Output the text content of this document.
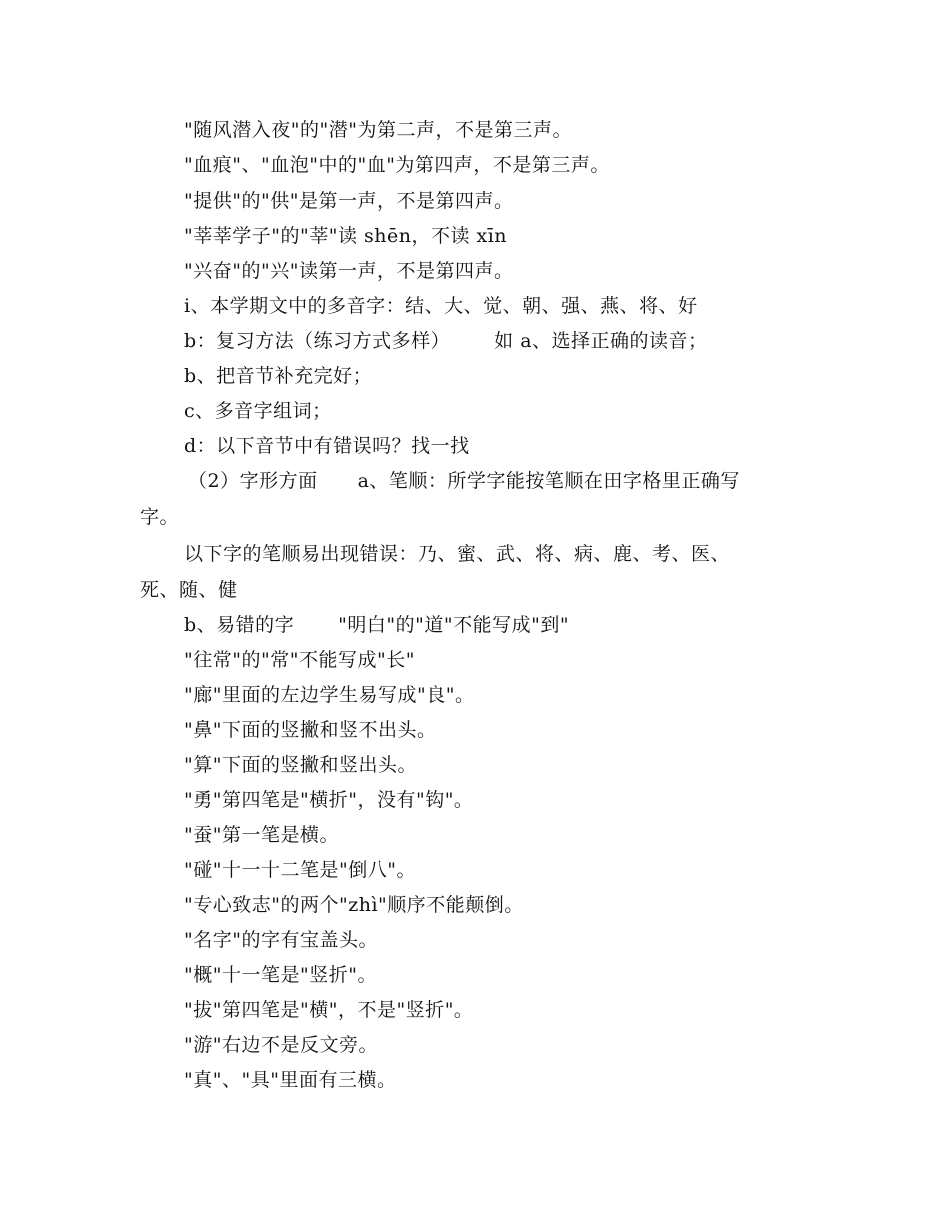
"随风潜入夜"的"潜"为第二声，不是第三声。
"血痕"、"血泡"中的"血"为第四声，不是第三声。
"提供"的"供"是第一声，不是第四声。
"莘莘学子"的"莘"读 shēn，不读 xīn
"兴奋"的"兴"读第一声，不是第四声。
i、本学期文中的多音字：结、大、觉、朝、强、燕、将、好
b：复习方法（练习方式多样） 如 a、选择正确的读音；
b、把音节补充完好；
c、多音字组词；
d：以下音节中有错误吗？找一找
（2）字形方面 a、笔顺：所学字能按笔顺在田字格里正确写
字。
以下字的笔顺易出现错误：乃、蜜、武、将、病、鹿、考、医、
死、随、健
b、易错的字 "明白"的"道"不能写成"到"
"往常"的"常"不能写成"长"
"廊"里面的左边学生易写成"良"。
"鼻"下面的竖撇和竖不出头。
"算"下面的竖撇和竖出头。
"勇"第四笔是"横折"，没有"钩"。
"蚕"第一笔是横。
"碰"十一十二笔是"倒八"。
"专心致志"的两个"zhì"顺序不能颠倒。
"名字"的字有宝盖头。
"概"十一笔是"竖折"。
"拔"第四笔是"横"，不是"竖折"。
"游"右边不是反文旁。
"真"、"具"里面有三横。
